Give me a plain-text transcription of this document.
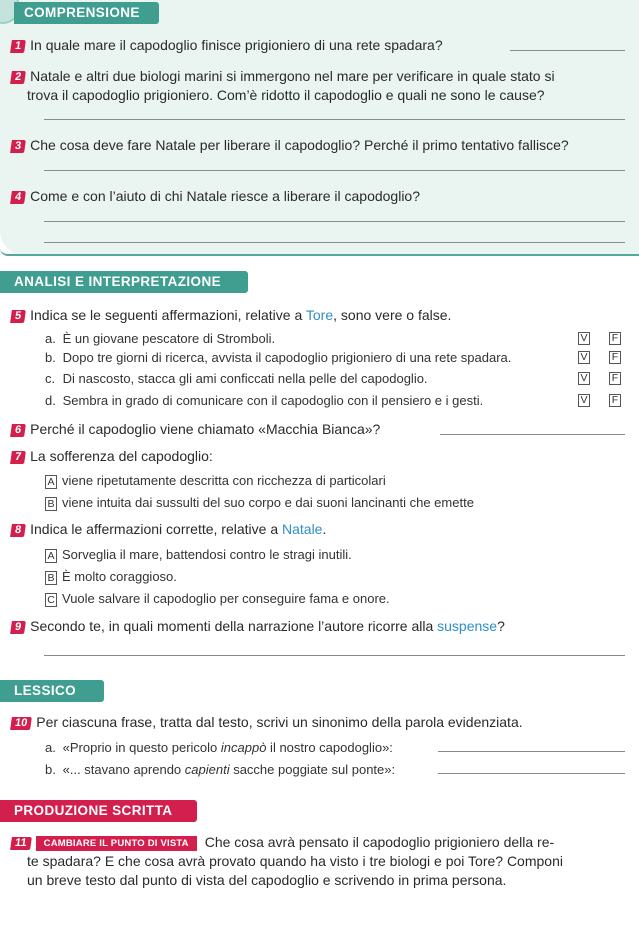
COMPRENSIONE
1 In quale mare il capodoglio finisce prigioniero di una rete spadara?
2 Natale e altri due biologi marini si immergono nel mare per verificare in quale stato si
trova il capodoglio prigioniero. Com’è ridotto il capodoglio e quali ne sono le cause?
3 Che cosa deve fare Natale per liberare il capodoglio? Perché il primo tentativo fallisce?
4 Come e con l’aiuto di chi Natale riesce a liberare il capodoglio?
ANALISI E INTERPRETAZIONE
5 Indica se le seguenti affermazioni, relative a Tore, sono vere o false.
a. È un giovane pescatore di Stromboli.	V F
b. Dopo tre giorni di ricerca, avvista il capodoglio prigioniero di una rete spadara.	V F
c. Di nascosto, stacca gli ami conficcati nella pelle del capodoglio.	V F
d. Sembra in grado di comunicare con il capodoglio con il pensiero e i gesti.	V F
6 Perché il capodoglio viene chiamato «Macchia Bianca»?
7 La sofferenza del capodoglio:
A viene ripetutamente descritta con ricchezza di particolari
B viene intuita dai sussulti del suo corpo e dai suoni lancinanti che emette
8 Indica le affermazioni corrette, relative a Natale.
A Sorveglia il mare, battendosi contro le stragi inutili.
B È molto coraggioso.
C Vuole salvare il capodoglio per conseguire fama e onore.
9 Secondo te, in quali momenti della narrazione l’autore ricorre alla suspense?
LESSICO
10 Per ciascuna frase, tratta dal testo, scrivi un sinonimo della parola evidenziata.
a. «Proprio in questo pericolo incappò il nostro capodoglio»:
b. «... stavano aprendo capienti sacche poggiate sul ponte»:
PRODUZIONE SCRITTA
11 CAMBIARE IL PUNTO DI VISTA Che cosa avrà pensato il capodoglio prigioniero della re-
te spadara? E che cosa avrà provato quando ha visto i tre biologi e poi Tore? Componi
un breve testo dal punto di vista del capodoglio e scrivendo in prima persona.
